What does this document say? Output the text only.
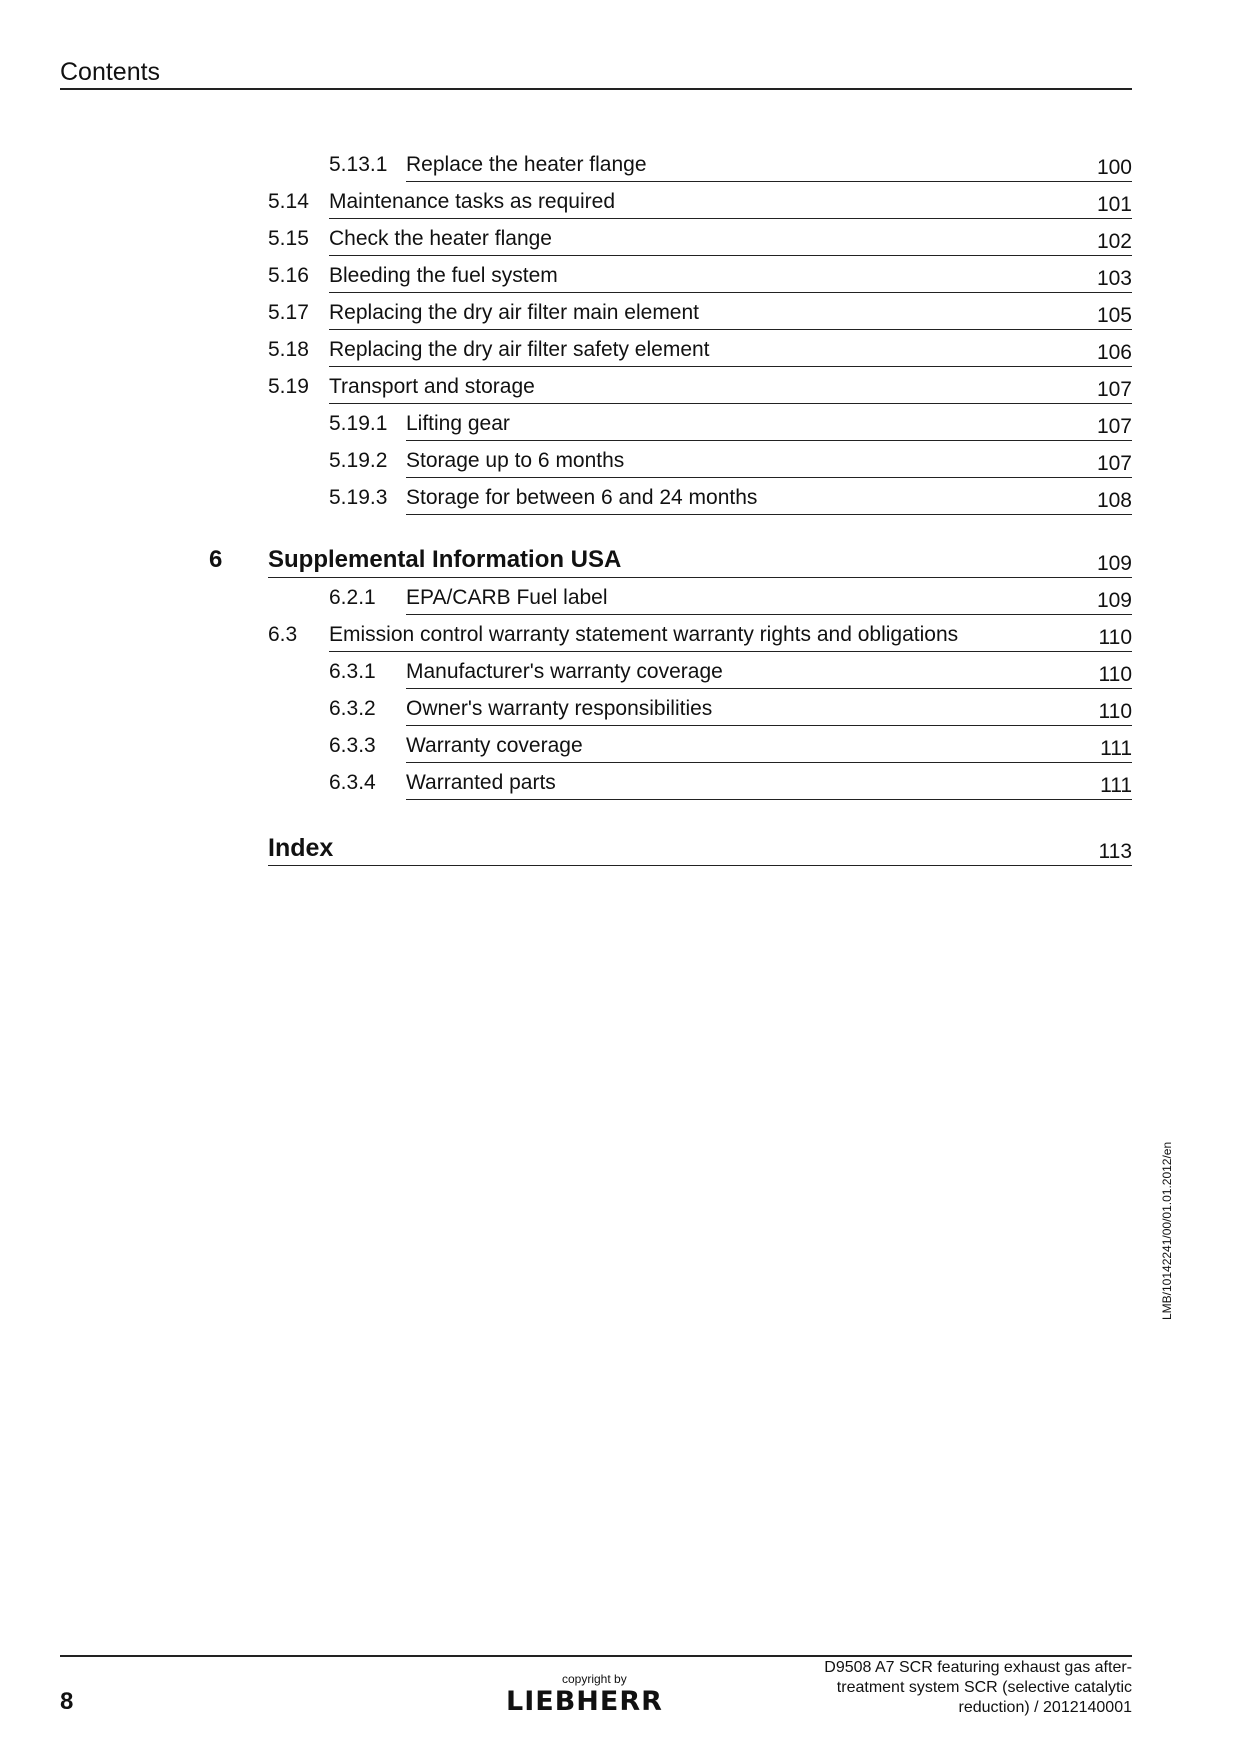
Contents
5.13.1 Replace the heater flange	100
5.14 Maintenance tasks as required	101
5.15 Check the heater flange	102
5.16 Bleeding the fuel system	103
5.17 Replacing the dry air filter main element	105
5.18 Replacing the dry air filter safety element	106
5.19 Transport and storage	107
5.19.1 Lifting gear	107
5.19.2 Storage up to 6 months	107
5.19.3 Storage for between 6 and 24 months	108
6 Supplemental Information USA	109
6.2.1 EPA/CARB Fuel label	109
6.3 Emission control warranty statement warranty rights and obligations	110
6.3.1 Manufacturer's warranty coverage	110
6.3.2 Owner's warranty responsibilities	110
6.3.3 Warranty coverage	111
6.3.4 Warranted parts	111
Index	113
LMB/10142241/00/01.01.2012/en
8
copyright by
LIEBHERR
D9508 A7 SCR featuring exhaust gas after-
treatment system SCR (selective catalytic
reduction) / 2012140001
